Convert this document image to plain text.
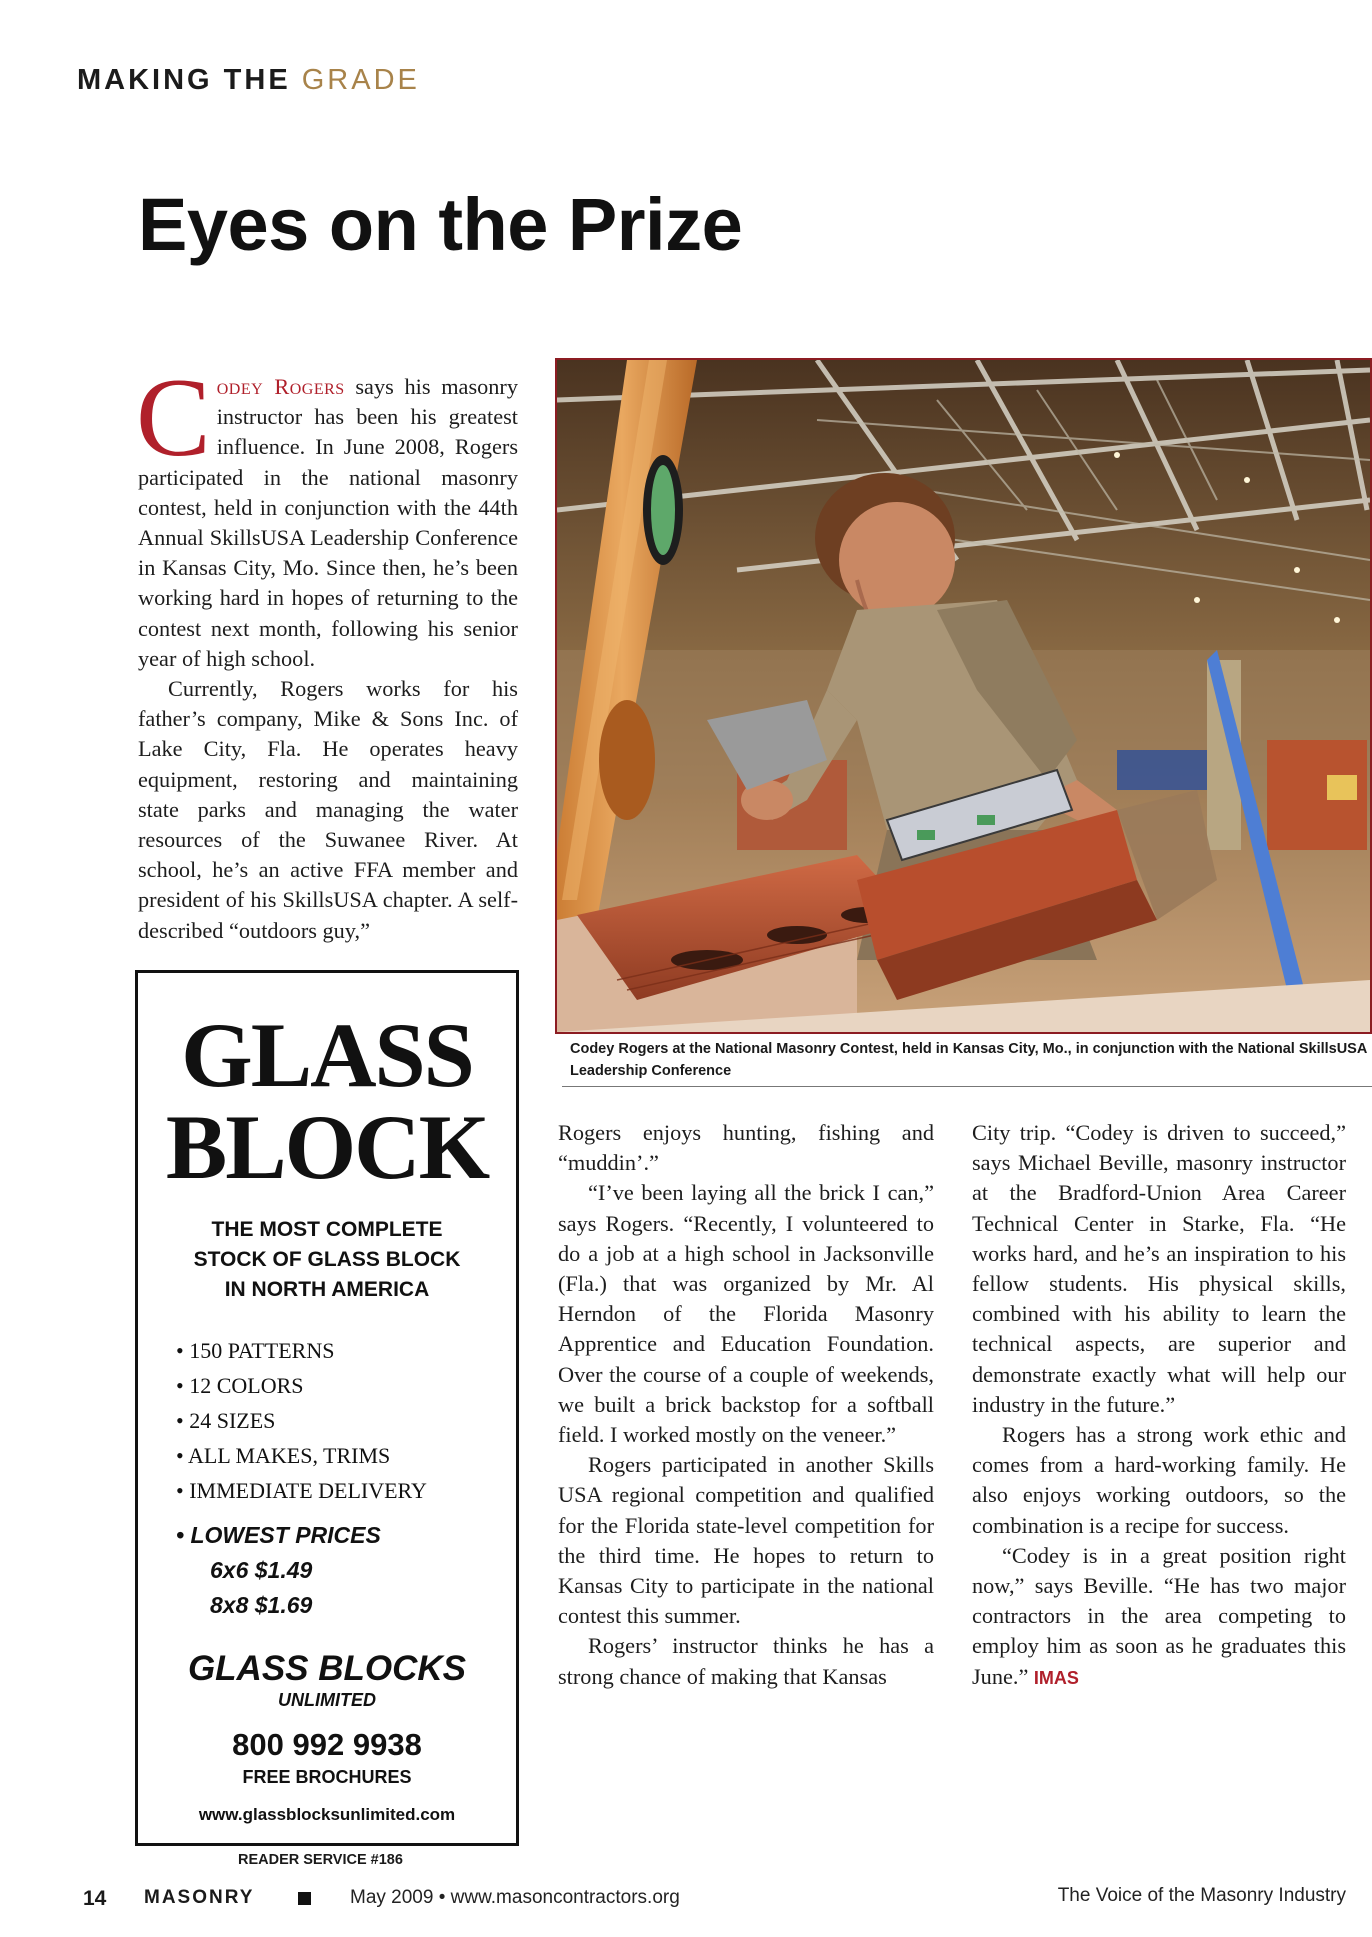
MAKING THE GRADE
Eyes on the Prize

C odey Rogers says his masonry instructor has been his greatest influence. In June 2008, Rogers participated in the national masonry contest, held in conjunction with the 44th Annual SkillsUSA Leadership Conference in Kansas City, Mo. Since then, he’s been working hard in hopes of returning to the contest next month, following his senior year of high school.

Currently, Rogers works for his father’s company, Mike & Sons Inc. of Lake City, Fla. He operates heavy equipment, restoring and maintaining state parks and managing the water resources of the Suwanee River. At school, he’s an active FFA member and president of his SkillsUSA chapter. A self-described “outdoors guy,”

Codey Rogers at the National Masonry Contest, held in Kansas City, Mo., in conjunction with the National SkillsUSA
Leadership Conference

Rogers enjoys hunting, fishing and “muddin’.”

“I’ve been laying all the brick I can,” says Rogers. “Recently, I volunteered to do a job at a high school in Jacksonville (Fla.) that was organized by Mr. Al Herndon of the Florida Masonry Apprentice and Education Foundation. Over the course of a couple of weekends, we built a brick backstop for a softball field. I worked mostly on the veneer.”

Rogers participated in another Skills USA regional competition and qualified for the Florida state-level competition for the third time. He hopes to return to Kansas City to participate in the national contest this summer.

Rogers’ instructor thinks he has a strong chance of making that Kansas

GLASS
BLOCK
THE MOST COMPLETE
STOCK OF GLASS BLOCK
IN NORTH AMERICA
• 150 PATTERNS
• 12 COLORS
• 24 SIZES
• ALL MAKES, TRIMS
• IMMEDIATE DELIVERY
• LOWEST PRICES
6x6 $1.49
8x8 $1.69
GLASS BLOCKS
UNLIMITED
800 992 9938
FREE BROCHURES
www.glassblocksunlimited.com
READER SERVICE #186
14 MASONRY	May 2009 • www.masoncontractors.org	The Voice of the Masonry Industry

City trip. “Codey is driven to succeed,” says Michael Beville, masonry instructor at the Bradford-Union Area Career Technical Center in Starke, Fla. “He works hard, and he’s an inspiration to his fellow students. His physical skills, combined with his ability to learn the technical aspects, are superior and demonstrate exactly what will help our industry in the future.”

Rogers has a strong work ethic and comes from a hard-working family. He also enjoys working outdoors, so the combination is a recipe for success.

“Codey is in a great position right now,” says Beville. “He has two major contractors in the area competing to employ him as soon as he graduates this June.” IMAS
